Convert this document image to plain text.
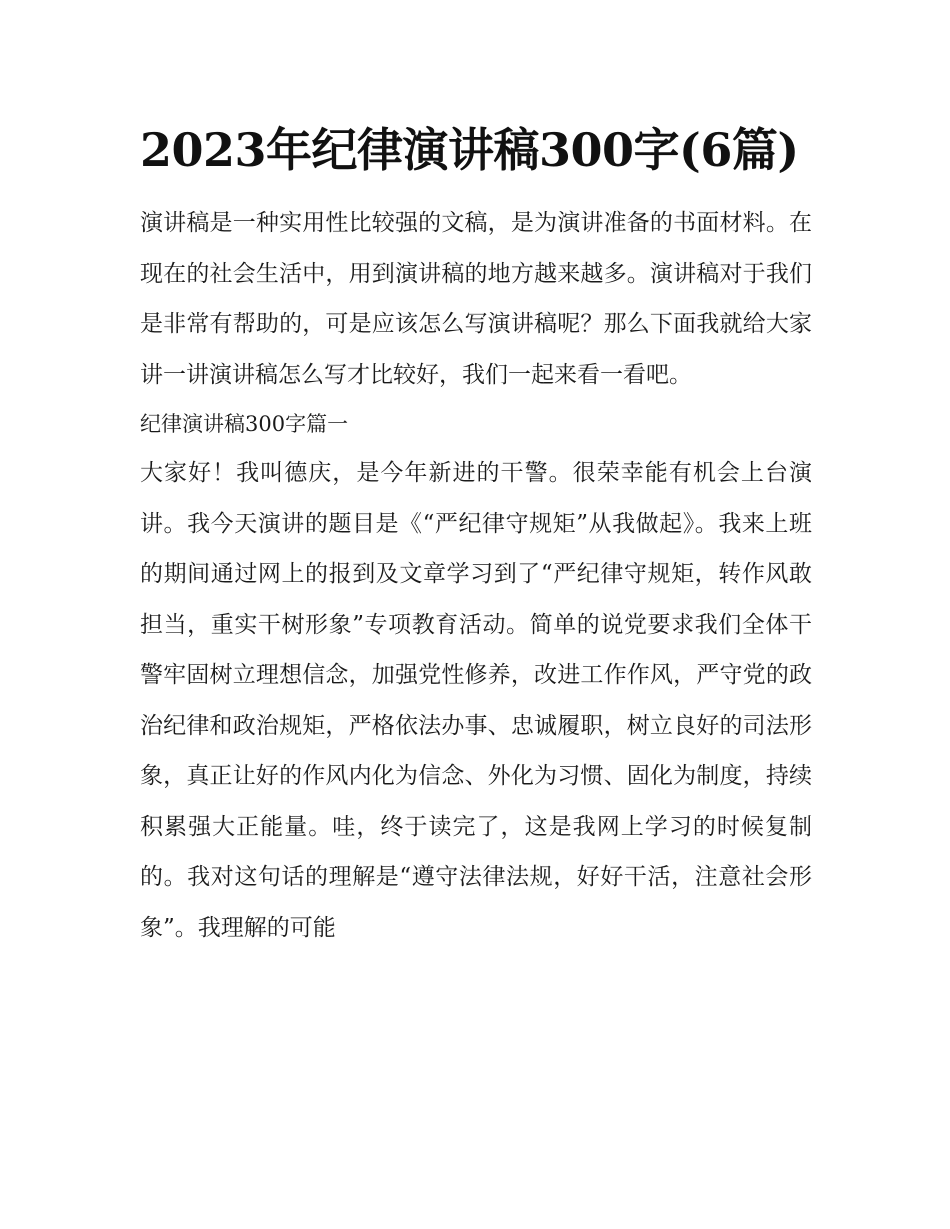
2023年纪律演讲稿300字(6篇)

演讲稿是一种实用性比较强的文稿，是为演讲准备的书面材料。在现在的社会生活中，用到演讲稿的地方越来越多。演讲稿对于我们是非常有帮助的，可是应该怎么写演讲稿呢？那么下面我就给大家讲一讲演讲稿怎么写才比较好，我们一起来看一看吧。

纪律演讲稿300字篇一

大家好！我叫德庆，是今年新进的干警。很荣幸能有机会上台演讲。我今天演讲的题目是《“严纪律守规矩”从我做起》。我来上班的期间通过网上的报到及文章学习到了“严纪律守规矩，转作风敢担当，重实干树形象”专项教育活动。简单的说党要求我们全体干警牢固树立理想信念，加强党性修养，改进工作作风，严守党的政治纪律和政治规矩，严格依法办事、忠诚履职，树立良好的司法形象，真正让好的作风内化为信念、外化为习惯、固化为制度，持续积累强大正能量。哇，终于读完了，这是我网上学习的时候复制的。我对这句话的理解是“遵守法律法规，好好干活，注意社会形象”。我理解的可能
